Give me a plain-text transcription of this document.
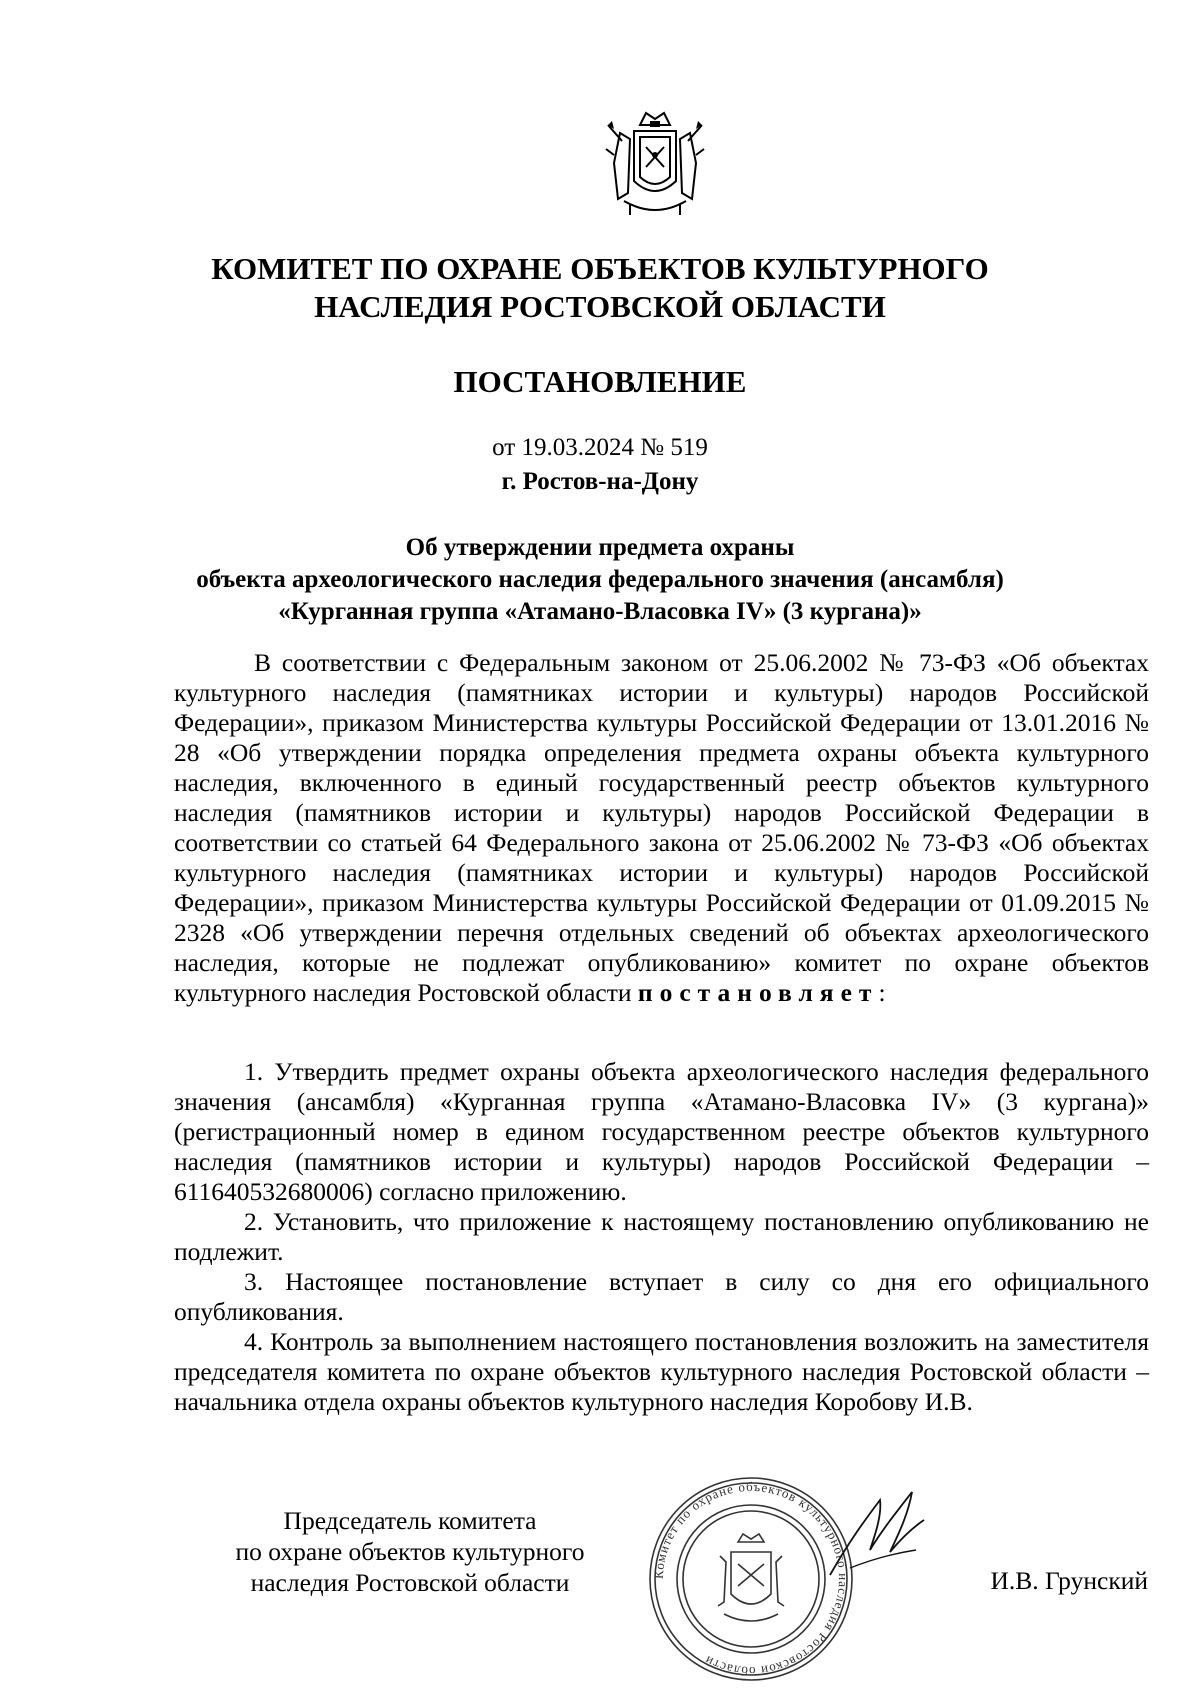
КОМИТЕТ ПО ОХРАНЕ ОБЪЕКТОВ КУЛЬТУРНОГО
НАСЛЕДИЯ РОСТОВСКОЙ ОБЛАСТИ
ПОСТАНОВЛЕНИЕ
от 19.03.2024 № 519
г. Ростов-на-Дону
Об утверждении предмета охраны
объекта археологического наследия федерального значения (ансамбля)
«Курганная группа «Атамано-Власовка IV» (3 кургана)»

В соответствии с Федеральным законом от 25.06.2002 № 73-ФЗ «Об объектах культурного наследия (памятниках истории и культуры) народов Российской Федерации», приказом Министерства культуры Российской Федерации от 13.01.2016 № 28 «Об утверждении порядка определения предмета охраны объекта культурного наследия, включенного в единый государственный реестр объектов культурного наследия (памятников истории и культуры) народов Российской Федерации в соответствии со статьей 64 Федерального закона от 25.06.2002 № 73-ФЗ «Об объектах культурного наследия (памятниках истории и культуры) народов Российской Федерации», приказом Министерства культуры Российской Федерации от 01.09.2015 № 2328 «Об утверждении перечня отдельных сведений об объектах археологического наследия, которые не подлежат опубликованию» комитет по охране объектов культурного наследия Ростовской области постановляет:

1. Утвердить предмет охраны объекта археологического наследия федерального значения (ансамбля) «Курганная группа «Атамано-Власовка IV» (3 кургана)» (регистрационный номер в едином государственном реестре объектов культурного наследия (памятников истории и культуры) народов Российской Федерации – 611640532680006) согласно приложению.

2. Установить, что приложение к настоящему постановлению опубликованию не подлежит.

3. Настоящее постановление вступает в силу со дня его официального опубликования.

4. Контроль за выполнением настоящего постановления возложить на заместителя председателя комитета по охране объектов культурного наследия Ростовской области – начальника отдела охраны объектов культурного наследия Коробову И.В.

Председатель комитета
по охране объектов культурного
наследия Ростовской области	Комитет по охране объектов культурного наследия Ростовской области
И.В. Грунский
